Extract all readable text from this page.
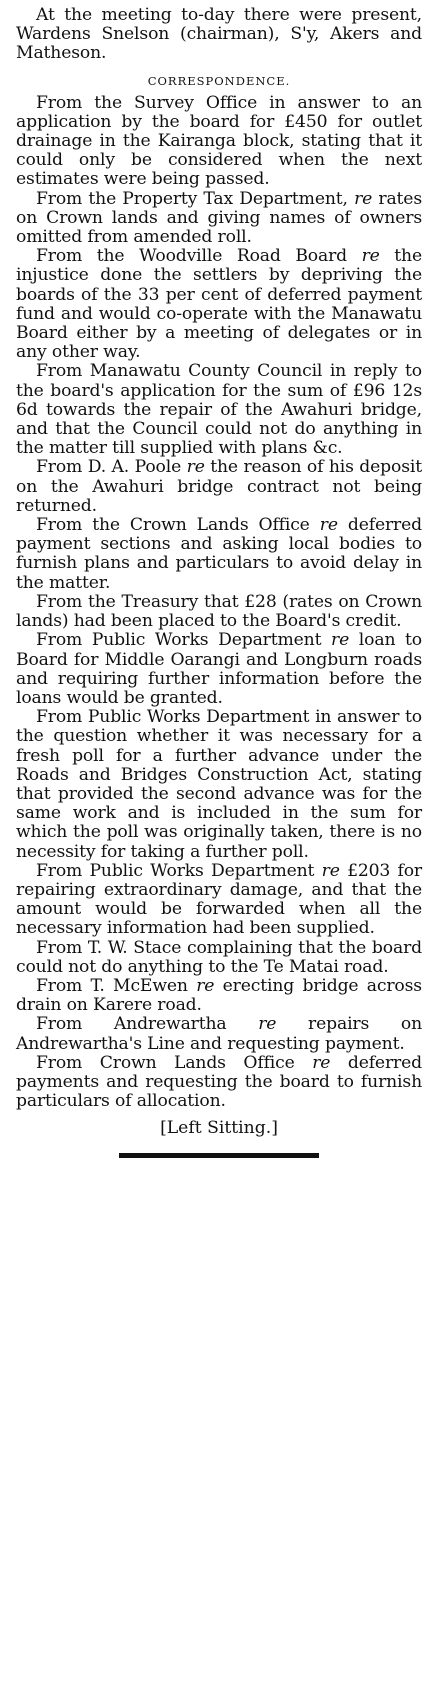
At the meeting to-day there were present, Wardens Snelson (chairman), S'y, Akers and Matheson.

CORRESPONDENCE.

From the Survey Office in answer to an application by the board for £450 for outlet drainage in the Kairanga block, stating that it could only be considered when the next estimates were being passed.

From the Property Tax Department, re rates on Crown lands and giving names of owners omitted from amended roll.

From the Woodville Road Board re the injustice done the settlers by depriving the boards of the 33 per cent of deferred payment fund and would co-operate with the Manawatu Board either by a meeting of delegates or in any other way.

From Manawatu County Council in reply to the board's application for the sum of £96 12s 6d towards the repair of the Awahuri bridge, and that the Council could not do anything in the matter till supplied with plans &c.

From D. A. Poole re the reason of his deposit on the Awahuri bridge contract not being returned.

From the Crown Lands Office re deferred payment sections and asking local bodies to furnish plans and particulars to avoid delay in the matter.

From the Treasury that £28 (rates on Crown lands) had been placed to the Board's credit.

From Public Works Department re loan to Board for Middle Oarangi and Longburn roads and requiring further information before the loans would be granted.

From Public Works Department in answer to the question whether it was necessary for a fresh poll for a further advance under the Roads and Bridges Construction Act, stating that provided the second advance was for the same work and is included in the sum for which the poll was originally taken, there is no necessity for taking a further poll.

From Public Works Department re £203 for repairing extraordinary damage, and that the amount would be forwarded when all the necessary information had been supplied.

From T. W. Stace complaining that the board could not do anything to the Te Matai road.

From T. McEwen re erecting bridge across drain on Karere road.

From Andrewartha re repairs on Andrewartha's Line and requesting payment.

From Crown Lands Office re deferred payments and requesting the board to furnish particulars of allocation.

[Left Sitting.]
